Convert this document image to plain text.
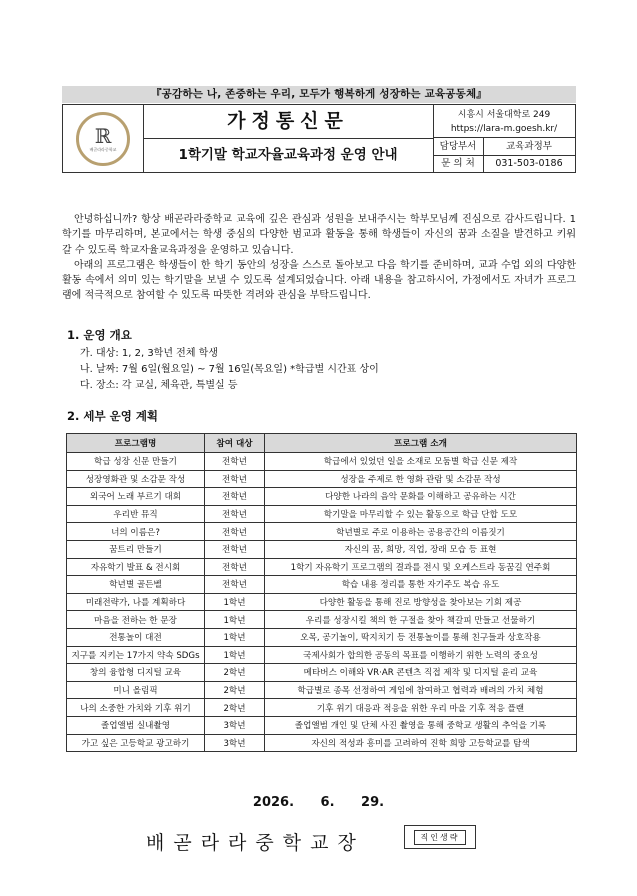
『공감하는 나, 존중하는 우리, 모두가 행복하게 성장하는 교육공동체』
ℝ
배곧라라중학교
가정통신문
1학기말 학교자율교육과정 운영 안내
시흥시 서울대학로 249
https://lara-m.goesh.kr/
담당부서	교육과정부
문 의 처	031-503-0186

안녕하십니까? 항상 배곧라라중학교 교육에 깊은 관심과 성원을 보내주시는 학부모님께 진심으로 감사드립니다. 1학기를 마무리하며, 본교에서는 학생 중심의 다양한 범교과 활동을 통해 학생들이 자신의 꿈과 소질을 발견하고 키워 갈 수 있도록 학교자율교육과정을 운영하고 있습니다.

아래의 프로그램은 학생들이 한 학기 동안의 성장을 스스로 돌아보고 다음 학기를 준비하며, 교과 수업 외의 다양한 활동 속에서 의미 있는 학기말을 보낼 수 있도록 설계되었습니다. 아래 내용을 참고하시어, 가정에서도 자녀가 프로그램에 적극적으로 참여할 수 있도록 따뜻한 격려와 관심을 부탁드립니다.

1. 운영 개요
가. 대상: 1, 2, 3학년 전체 학생
나. 날짜: 7월 6일(월요일) ~ 7월 16일(목요일) *학급별 시간표 상이
다. 장소: 각 교실, 체육관, 특별실 등
2. 세부 운영 계획
프로그램명	참여 대상	프로그램 소개
학급 성장 신문 만들기	전학년	학급에서 있었던 일을 소재로 모둠별 학급 신문 제작
성장영화관 및 소감문 작성	전학년	성장을 주제로 한 영화 관람 및 소감문 작성
외국어 노래 부르기 대회	전학년	다양한 나라의 음악 문화를 이해하고 공유하는 시간
우리반 뮤직	전학년	학기말을 마무리할 수 있는 활동으로 학급 단합 도모
너의 이름은?	전학년	학년별로 주로 이용하는 공용공간의 이름짓기
꿈트리 만들기	전학년	자신의 꿈, 희망, 직업, 장래 모습 등 표현
자유학기 발표 & 전시회	전학년	1학기 자유학기 프로그램의 결과를 전시 및 오케스트라 동꿈길 연주회
학년별 골든벨	전학년	학습 내용 정리를 통한 자기주도 복습 유도
미래전략가, 나를 계획하다	1학년	다양한 활동을 통해 진로 방향성을 찾아보는 기회 제공
마음을 전하는 한 문장	1학년	우리를 성장시킬 책의 한 구절을 찾아 책갈피 만들고 선물하기
전통놀이 대전	1학년	오목, 공기놀이, 딱지치기 등 전통놀이를 통해 친구들과 상호작용
지구를 지키는 17가지 약속 SDGs	1학년	국제사회가 합의한 공동의 목표를 이행하기 위한 노력의 중요성
창의 융합형 디지털 교육	2학년	메타버스 이해와 VR·AR 콘텐츠 직접 제작 및 디지털 윤리 교육
미니 올림픽	2학년	학급별로 종목 선정하여 게임에 참여하고 협력과 배려의 가치 체험
나의 소중한 가치와 기후 위기	2학년	기후 위기 대응과 적응을 위한 우리 마을 기후 적응 플랜
졸업앨범 실내촬영	3학년	졸업앨범 개인 및 단체 사진 촬영을 통해 중학교 생활의 추억을 기록
가고 싶은 고등학교 광고하기	3학년	자신의 적성과 흥미를 고려하여 진학 희망 고등학교를 탐색
2026. 6. 29.
배곧라라중학교장	직인생략
